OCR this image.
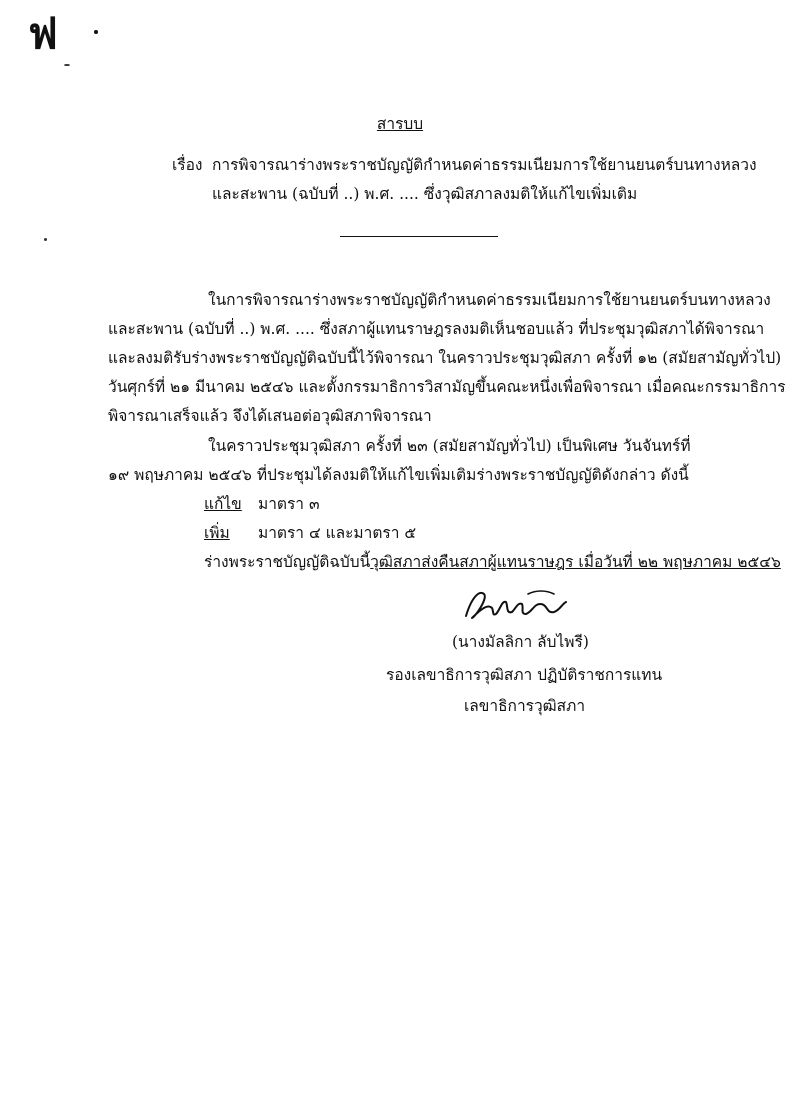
ฟ
สารบบ
เรื่อง การพิจารณาร่างพระราชบัญญัติกำหนดค่าธรรมเนียมการใช้ยานยนตร์บนทางหลวง
และสะพาน (ฉบับที่ ..) พ.ศ. .... ซึ่งวุฒิสภาลงมติให้แก้ไขเพิ่มเติม
ในการพิจารณาร่างพระราชบัญญัติกำหนดค่าธรรมเนียมการใช้ยานยนตร์บนทางหลวง
และสะพาน (ฉบับที่ ..) พ.ศ. .... ซึ่งสภาผู้แทนราษฎรลงมติเห็นชอบแล้ว ที่ประชุมวุฒิสภาได้พิจารณา
และลงมติรับร่างพระราชบัญญัติฉบับนี้ไว้พิจารณา ในคราวประชุมวุฒิสภา ครั้งที่ ๑๒ (สมัยสามัญทั่วไป)
วันศุกร์ที่ ๒๑ มีนาคม ๒๕๔๖ และตั้งกรรมาธิการวิสามัญขึ้นคณะหนึ่งเพื่อพิจารณา เมื่อคณะกรรมาธิการ
พิจารณาเสร็จแล้ว จึงได้เสนอต่อวุฒิสภาพิจารณา
ในคราวประชุมวุฒิสภา ครั้งที่ ๒๓ (สมัยสามัญทั่วไป) เป็นพิเศษ วันจันทร์ที่
๑๙ พฤษภาคม ๒๕๔๖ ที่ประชุมได้ลงมติให้แก้ไขเพิ่มเติมร่างพระราชบัญญัติดังกล่าว ดังนี้
แก้ไข มาตรา ๓
เพิ่ม มาตรา ๔ และมาตรา ๕
ร่างพระราชบัญญัติฉบับนี้วุฒิสภาส่งคืนสภาผู้แทนราษฎร เมื่อวันที่ ๒๒ พฤษภาคม ๒๕๔๖
(นางมัลลิกา ลับไพรี)
รองเลขาธิการวุฒิสภา ปฏิบัติราชการแทน
เลขาธิการวุฒิสภา
